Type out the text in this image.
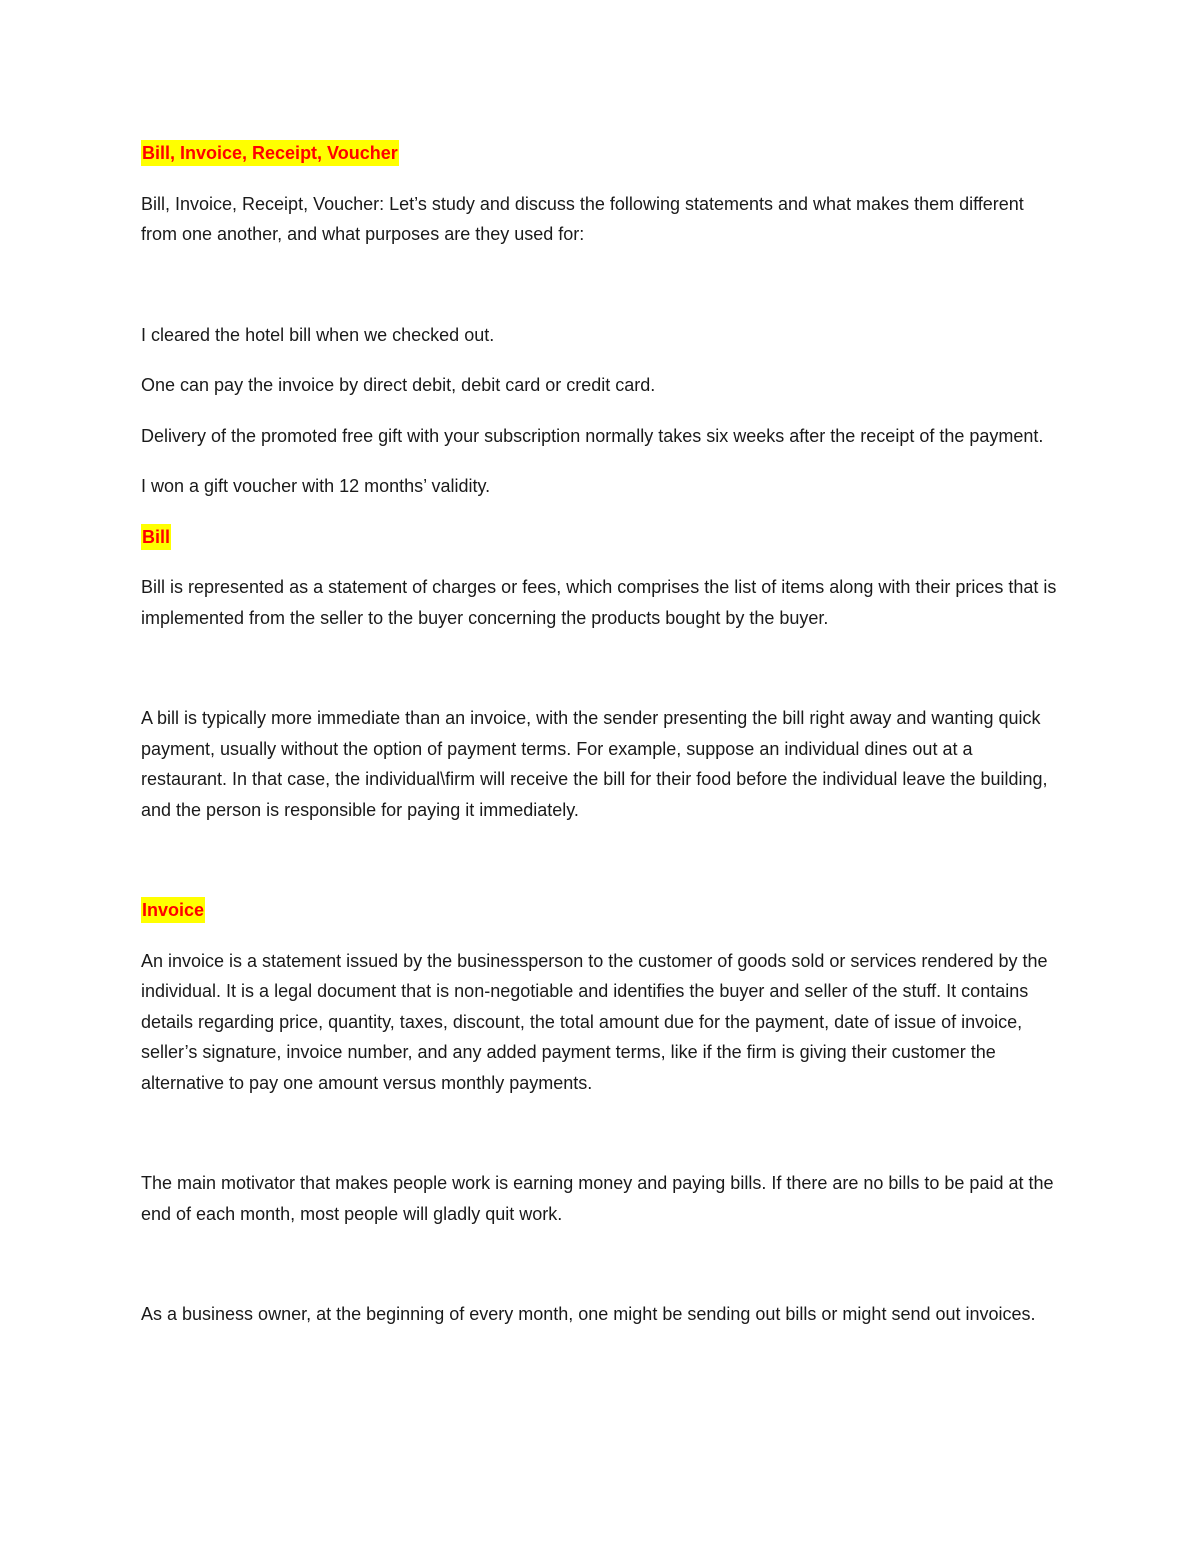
Bill, Invoice, Receipt, Voucher

Bill, Invoice, Receipt, Voucher: Let’s study and discuss the following statements and what makes them different from one another, and what purposes are they used for:

I cleared the hotel bill when we checked out.

One can pay the invoice by direct debit, debit card or credit card.

Delivery of the promoted free gift with your subscription normally takes six weeks after the receipt of the payment.

I won a gift voucher with 12 months’ validity.

Bill

Bill is represented as a statement of charges or fees, which comprises the list of items along with their prices that is implemented from the seller to the buyer concerning the products bought by the buyer.

A bill is typically more immediate than an invoice, with the sender presenting the bill right away and wanting quick payment, usually without the option of payment terms. For example, suppose an individual dines out at a restaurant. In that case, the individual\firm will receive the bill for their food before the individual leave the building, and the person is responsible for paying it immediately.

Invoice

An invoice is a statement issued by the businessperson to the customer of goods sold or services rendered by the individual. It is a legal document that is non-negotiable and identifies the buyer and seller of the stuff. It contains details regarding price, quantity, taxes, discount, the total amount due for the payment, date of issue of invoice, seller’s signature, invoice number, and any added payment terms, like if the firm is giving their customer the alternative to pay one amount versus monthly payments.

The main motivator that makes people work is earning money and paying bills. If there are no bills to be paid at the end of each month, most people will gladly quit work.

As a business owner, at the beginning of every month, one might be sending out bills or might send out invoices.
